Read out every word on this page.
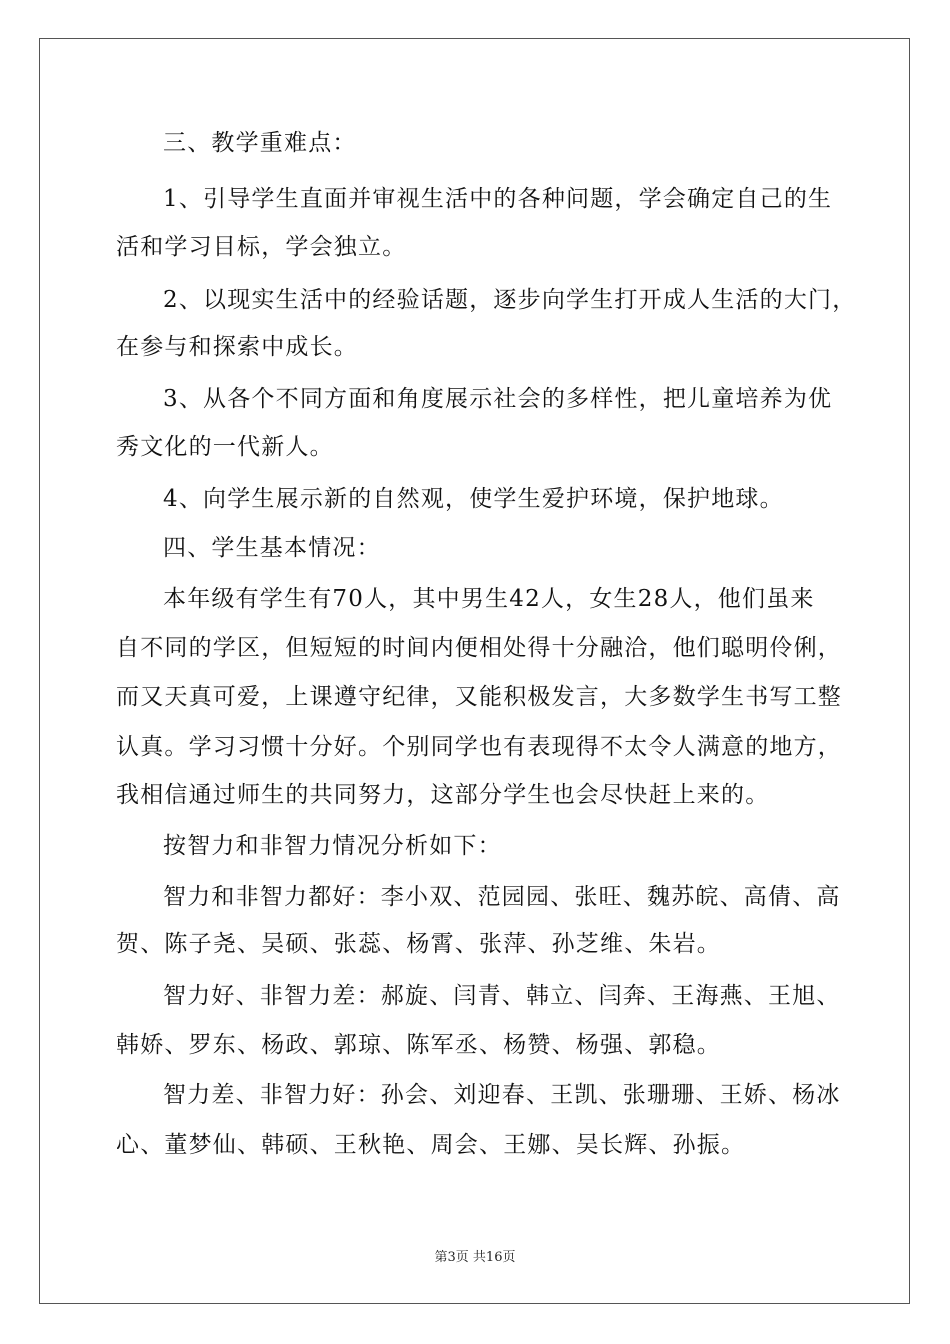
三、教学重难点：
1、引导学生直面并审视生活中的各种问题，学会确定自己的生
活和学习目标，学会独立。
2、以现实生活中的经验话题，逐步向学生打开成人生活的大门，
在参与和探索中成长。
3、从各个不同方面和角度展示社会的多样性，把儿童培养为优
秀文化的一代新人。
4、向学生展示新的自然观，使学生爱护环境，保护地球。
四、学生基本情况：
本年级有学生有70人，其中男生42人，女生28人，他们虽来
自不同的学区，但短短的时间内便相处得十分融洽，他们聪明伶俐，
而又天真可爱，上课遵守纪律，又能积极发言，大多数学生书写工整
认真。学习习惯十分好。个别同学也有表现得不太令人满意的地方，
我相信通过师生的共同努力，这部分学生也会尽快赶上来的。
按智力和非智力情况分析如下：
智力和非智力都好：李小双、范园园、张旺、魏苏皖、高倩、高
贺、陈子尧、吴硕、张蕊、杨霄、张萍、孙芝维、朱岩。
智力好、非智力差：郝旋、闫青、韩立、闫奔、王海燕、王旭、
韩娇、罗东、杨政、郭琼、陈军丞、杨赞、杨强、郭稳。
智力差、非智力好：孙会、刘迎春、王凯、张珊珊、王娇、杨冰
心、董梦仙、韩硕、王秋艳、周会、王娜、吴长辉、孙振。
第3页 共16页
